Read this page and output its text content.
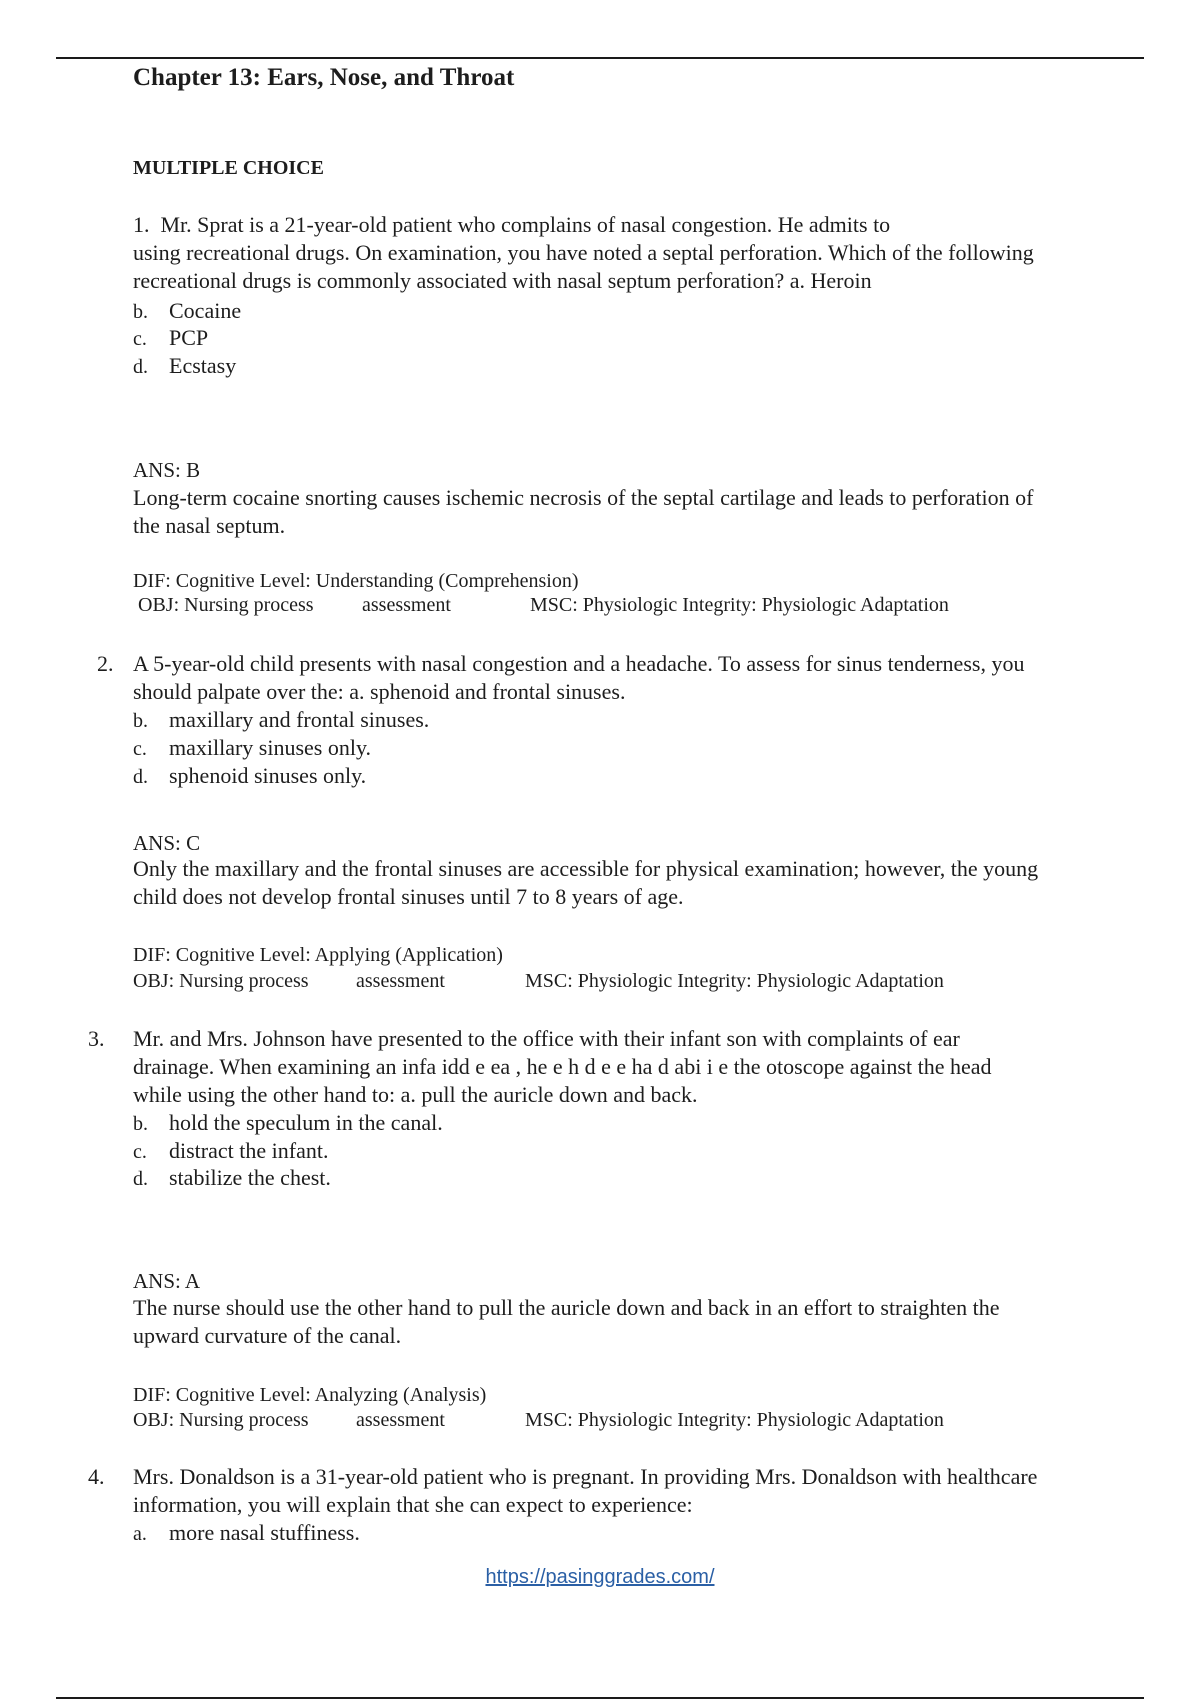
Chapter 13: Ears, Nose, and Throat
MULTIPLE CHOICE
1. Mr. Sprat is a 21-year-old patient who complains of nasal congestion. He admits to
using recreational drugs. On examination, you have noted a septal perforation. Which of the following
recreational drugs is commonly associated with nasal septum perforation? a. Heroin
b. Cocaine
c. PCP
d. Ecstasy
ANS: B
Long-term cocaine snorting causes ischemic necrosis of the septal cartilage and leads to perforation of
the nasal septum.
DIF: Cognitive Level: Understanding (Comprehension)
OBJ: Nursing process assessment	MSC: Physiologic Integrity: Physiologic Adaptation
2. A 5-year-old child presents with nasal congestion and a headache. To assess for sinus tenderness, you
should palpate over the: a. sphenoid and frontal sinuses.
b. maxillary and frontal sinuses.
c. maxillary sinuses only.
d. sphenoid sinuses only.
ANS: C
Only the maxillary and the frontal sinuses are accessible for physical examination; however, the young
child does not develop frontal sinuses until 7 to 8 years of age.
DIF: Cognitive Level: Applying (Application)
OBJ: Nursing process assessment	MSC: Physiologic Integrity: Physiologic Adaptation
3. Mr. and Mrs. Johnson have presented to the office with their infant son with complaints of ear
drainage. When examining an infa idd e ea , he e h d e e ha d abi i e the otoscope against the head
while using the other hand to: a. pull the auricle down and back.
b. hold the speculum in the canal.
c. distract the infant.
d. stabilize the chest.
ANS: A
The nurse should use the other hand to pull the auricle down and back in an effort to straighten the
upward curvature of the canal.
DIF: Cognitive Level: Analyzing (Analysis)
OBJ: Nursing process assessment	MSC: Physiologic Integrity: Physiologic Adaptation
4. Mrs. Donaldson is a 31-year-old patient who is pregnant. In providing Mrs. Donaldson with healthcare
information, you will explain that she can expect to experience:
a. more nasal stuffiness.
https://pasinggrades.com/
